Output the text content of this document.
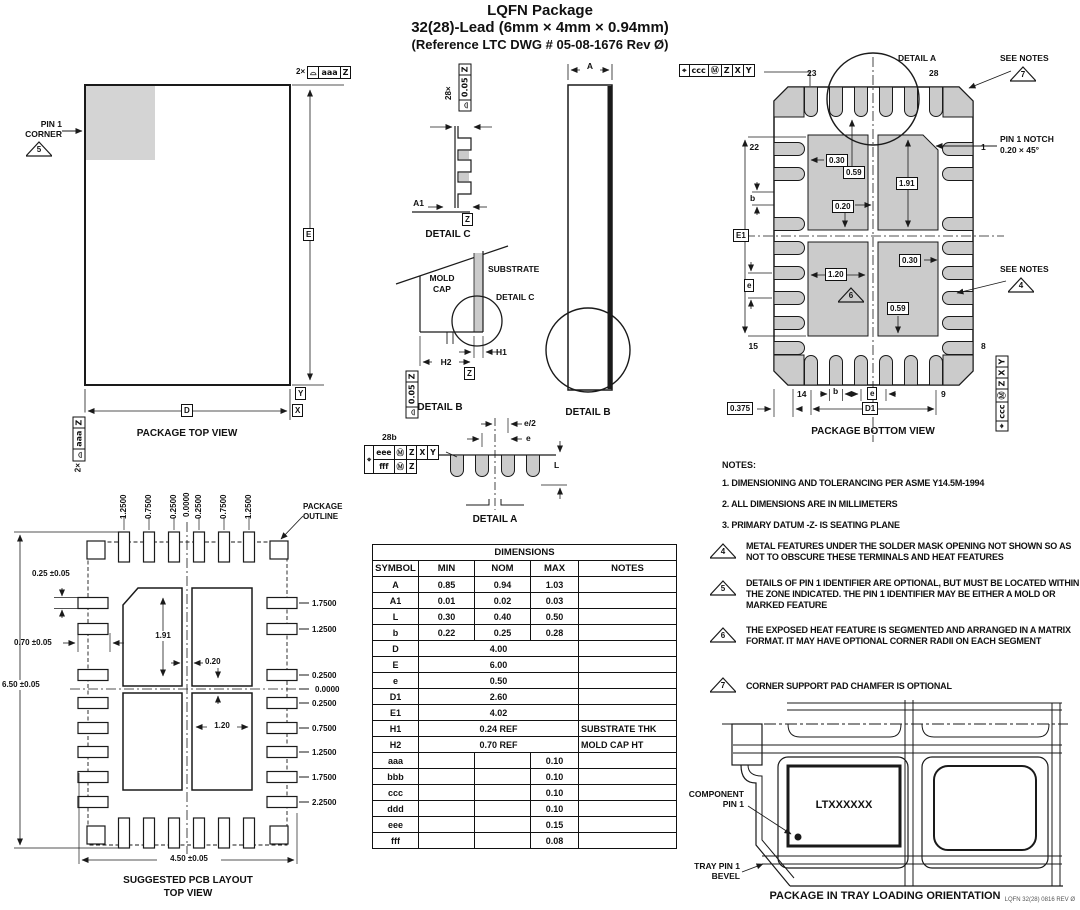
LQFN Package
32(28)-Lead (6mm × 4mm × 0.94mm)
(Reference LTC DWG # 05-08-1676 Rev Ø)
PIN 1
CORNER
5
2× ⌓ aaa Z
2×
⌓
aaa
Z
E
D
Y
X
PACKAGE TOP VIEW
28×
⌓
0.05
Z
A1
Z
DETAIL C
A
DETAIL B
MOLD
CAP
SUBSTRATE
DETAIL C
H1
H2
⌓
0.05
Z	Z
DETAIL B
28b
⌖	eee	Ⓜ	Z	X	Y
	fff	Ⓜ	Z		
e/2
e
L
DETAIL A
⌖ ccc Ⓜ Z X Y
⌖
ccc
Ⓜ
Z
X
Y
DETAIL A	SEE NOTES
7
PIN 1 NOTCH
0.20 × 45°
SEE NOTES
4
6
23	28
22	1
15	8
14	9
0.30
0.59
1.91
0.20
1.20
0.30
0.59
E1
b
e
0.375
b	e
D1
PACKAGE BOTTOM VIEW
1.2500 0.7500 0.2500 0.0000 0.2500 0.7500 1.2500
1.7500
1.2500
0.2500
0.0000
0.2500
0.7500
1.2500
1.7500
2.2500
PACKAGE
OUTLINE
0.25 ±0.05
0.70 ±0.05
6.50 ±0.05
4.50 ±0.05
1.91
0.20
1.20
SUGGESTED PCB LAYOUT
TOP VIEW
DIMENSIONS				
SYMBOL	MIN	NOM	MAX	NOTES
A	0.85	0.94	1.03	
A1	0.01	0.02	0.03	
L	0.30	0.40	0.50	
b	0.22	0.25	0.28	
D	4.00			
E	6.00			
e	0.50			
D1	2.60			
E1	4.02			
H1	0.24 REF			SUBSTRATE THK
H2	0.70 REF			MOLD CAP HT
aaa			0.10	
bbb			0.10	
ccc			0.10	
ddd			0.10	
eee			0.15	
fff			0.08	
NOTES:
1. DIMENSIONING AND TOLERANCING PER ASME Y14.5M-1994
2. ALL DIMENSIONS ARE IN MILLIMETERS
3. PRIMARY DATUM -Z- IS SEATING PLANE
4
METAL FEATURES UNDER THE SOLDER MASK OPENING NOT SHOWN SO AS NOT TO OBSCURE THESE TERMINALS AND HEAT FEATURES
5
DETAILS OF PIN 1 IDENTIFIER ARE OPTIONAL, BUT MUST BE LOCATED WITHIN THE ZONE INDICATED. THE PIN 1 IDENTIFIER MAY BE EITHER A MOLD OR MARKED FEATURE
6
THE EXPOSED HEAT FEATURE IS SEGMENTED AND ARRANGED IN A MATRIX FORMAT. IT MAY HAVE OPTIONAL CORNER RADII ON EACH SEGMENT
7	CORNER SUPPORT PAD CHAMFER IS OPTIONAL
LTXXXXXX
COMPONENT
PIN 1
TRAY PIN 1
BEVEL
PACKAGE IN TRAY LOADING ORIENTATION LQFN 32(28) 0816 REV Ø
